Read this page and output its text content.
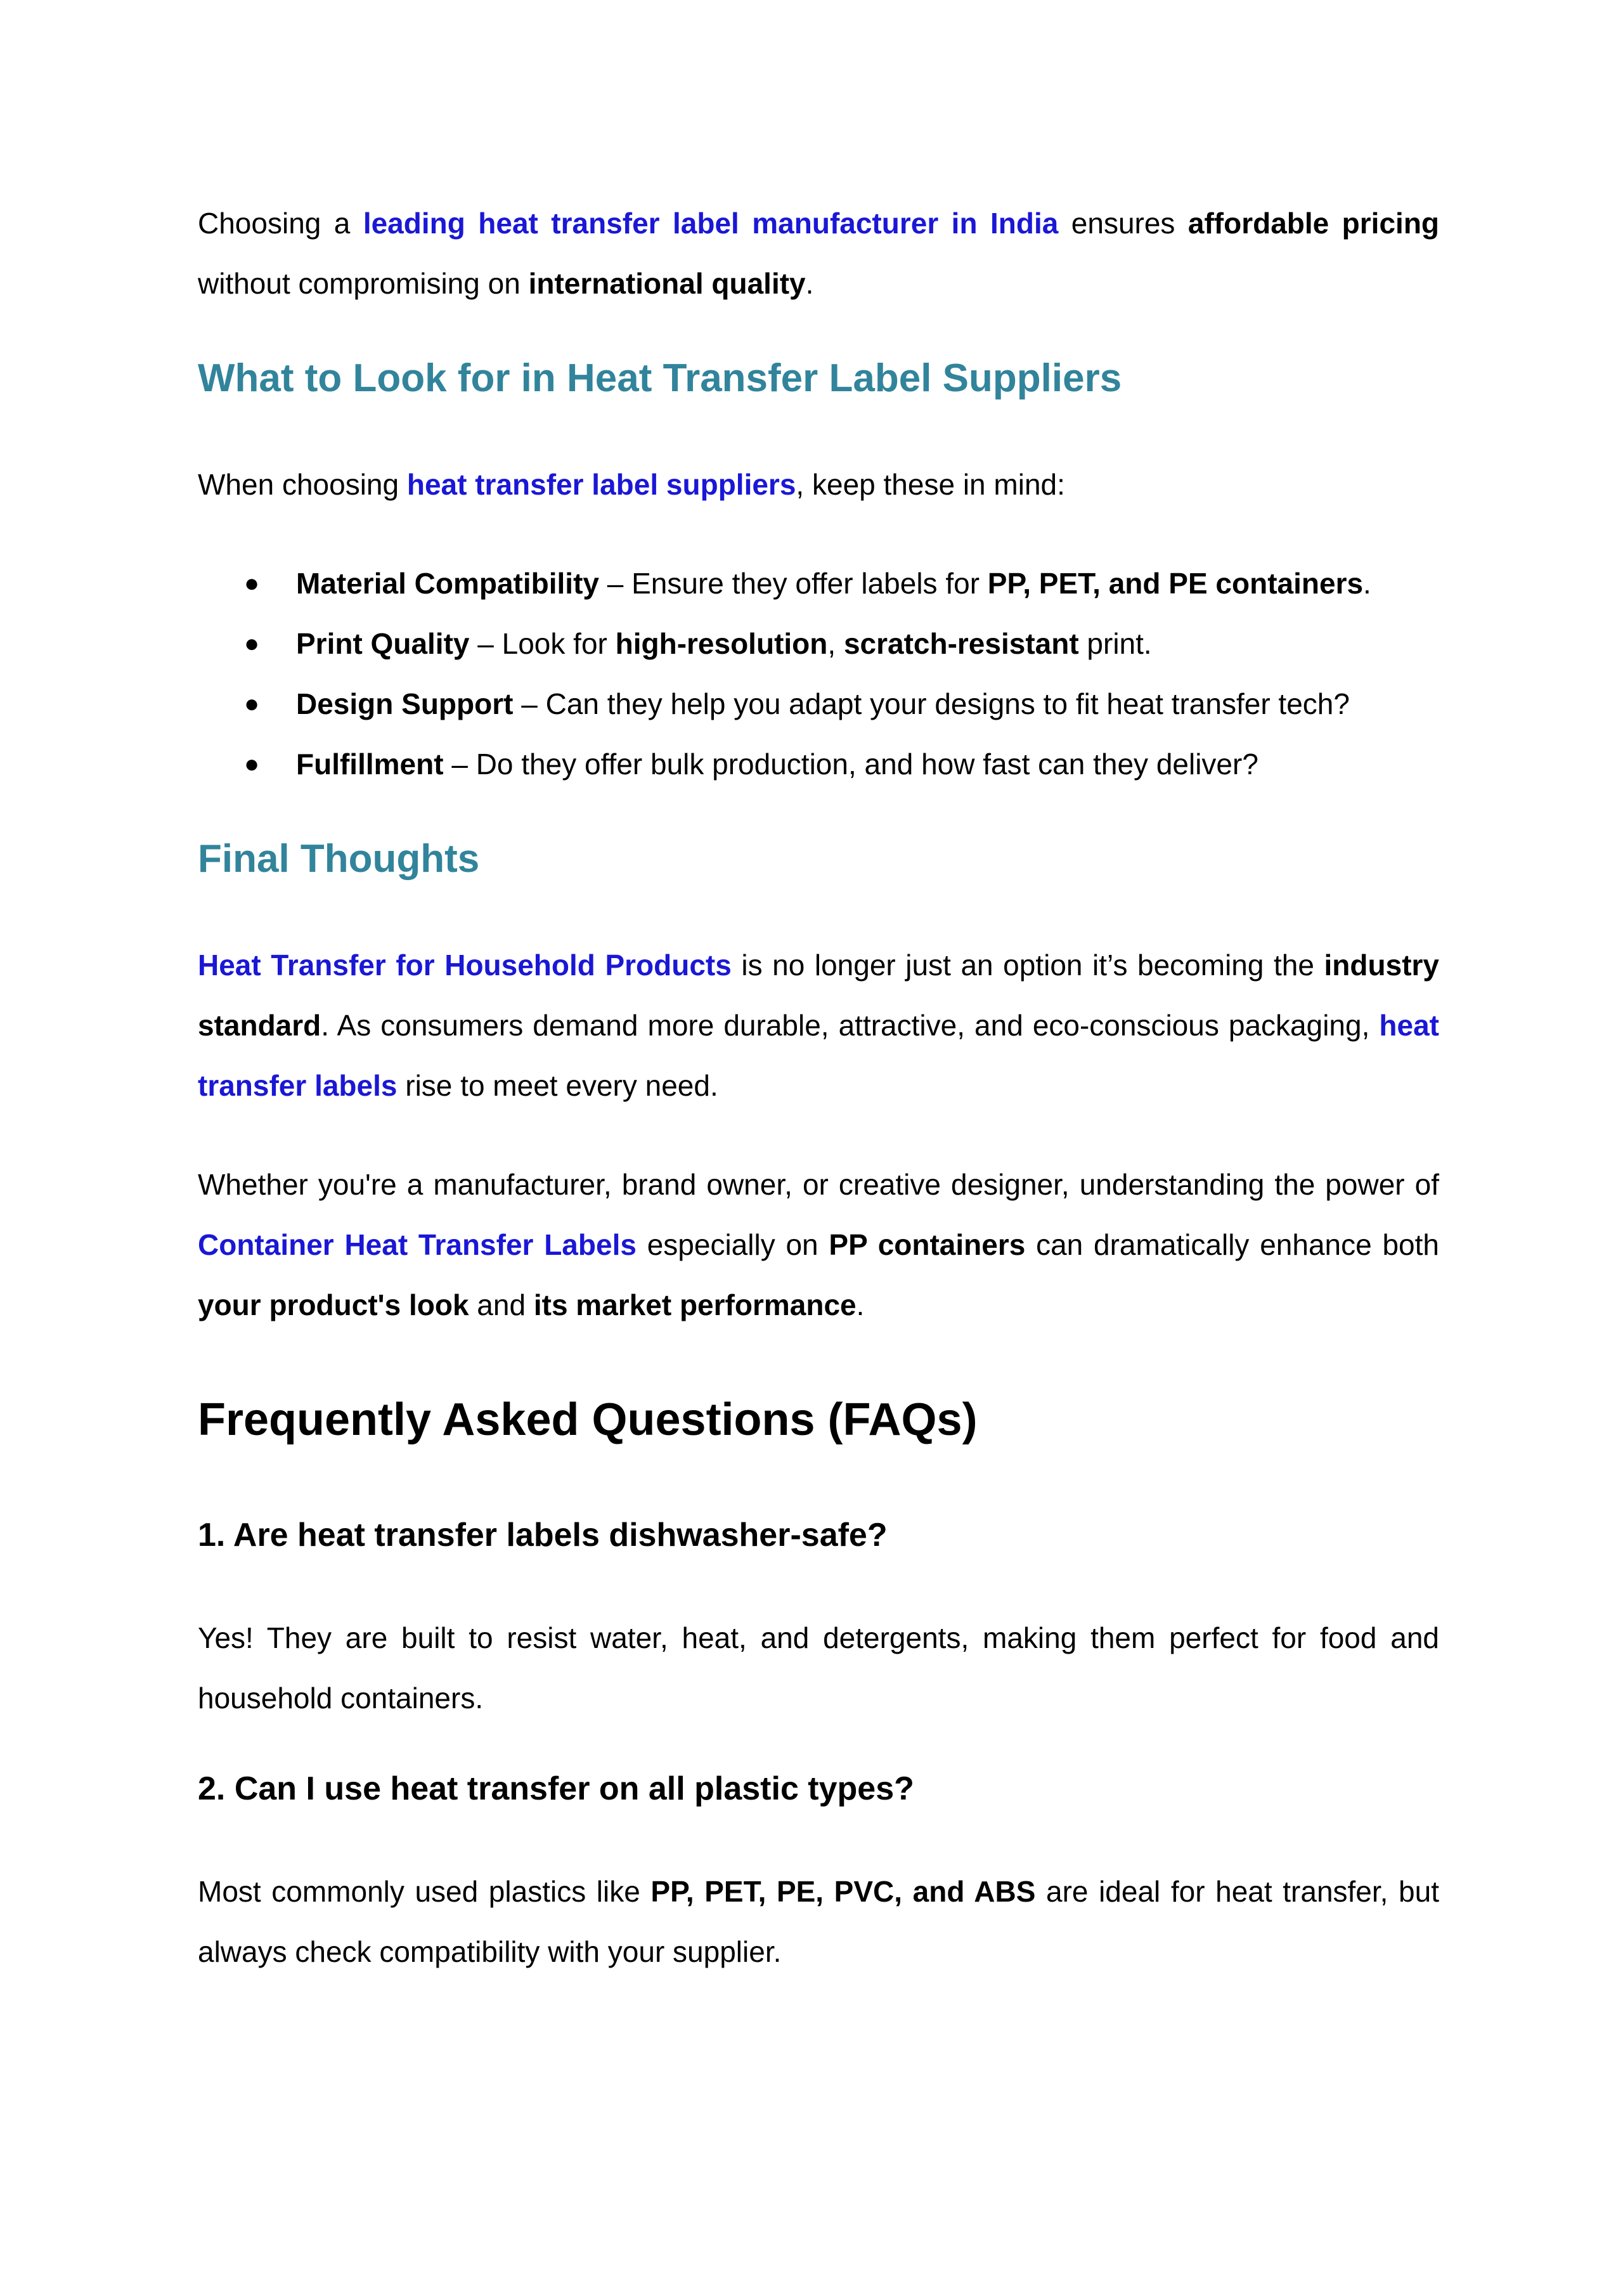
Choosing a leading heat transfer label manufacturer in India ensures affordable pricing without compromising on international quality.

What to Look for in Heat Transfer Label Suppliers

When choosing heat transfer label suppliers, keep these in mind:

● Material Compatibility – Ensure they offer labels for PP, PET, and PE containers.
● Print Quality – Look for high-resolution, scratch-resistant print.
● Design Support – Can they help you adapt your designs to fit heat transfer tech?
● Fulfillment – Do they offer bulk production, and how fast can they deliver?
Final Thoughts

Heat Transfer for Household Products is no longer just an option it’s becoming the industry standard. As consumers demand more durable, attractive, and eco-conscious packaging, heat transfer labels rise to meet every need.

Whether you're a manufacturer, brand owner, or creative designer, understanding the power of Container Heat Transfer Labels especially on PP containers can dramatically enhance both your product's look and its market performance.

Frequently Asked Questions (FAQs)
1. Are heat transfer labels dishwasher-safe?

Yes! They are built to resist water, heat, and detergents, making them perfect for food and household containers.

2. Can I use heat transfer on all plastic types?

Most commonly used plastics like PP, PET, PE, PVC, and ABS are ideal for heat transfer, but always check compatibility with your supplier.
